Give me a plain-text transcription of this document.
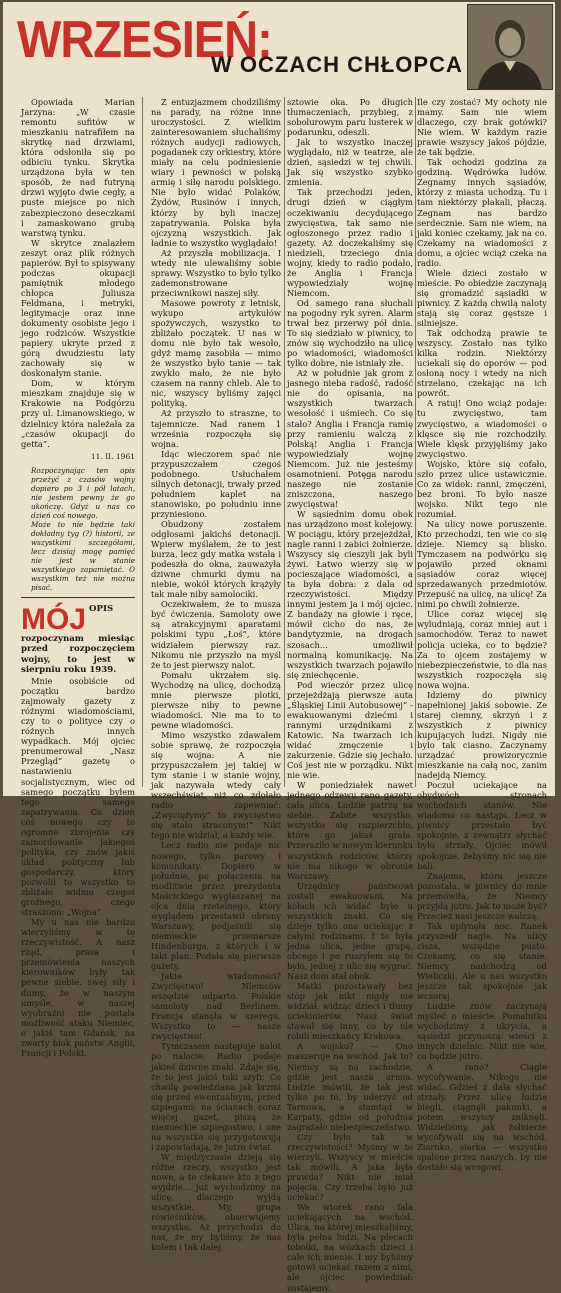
WRZESIEŃ:
W OCZACH CHŁOPCA

Opowiada Marian Jarzyna: „W czasie remontu sufitów w mieszkaniu natrafiłem na skrytkę nad drzwiami, która odsłoniła się po odbiciu tynku. Skrytka urządzona była w ten sposób, że nad futryną drzwi wyjęto dwie cegły, a puste miejsce po nich zabezpieczono deseczkami i zamaskowano grubą warstwą tynku.

W skrytce znalazłem zeszyt oraz plik różnych papierów. Był to spisywany podczas okupacji pamiętnik młodego chłopca Juliusza Feldmana, i metryki, legitymacje oraz inne dokumenty osobiste jego i jego rodziców. Wszystkie papiery ukryte przed z górą dwudziestu laty zachowały się w doskonałym stanie.

Dom, w którym mieszkam znajduje się w Krakowie na Podgórzu przy ul. Limanowskiego, w dzielnicy która należała za „czasów okupacji do getta”.

11. II. 1961
Rozpoczynając ten opis przeżyć z czasów wojny dopiero po 3 i pół latach, nie jestem pewny że go ukończę. Gdyż u nas co dzień coś nowego.
Może to nie będzie taki dokładny tyg (?) historii, ze wszystkimi szczegółami, lecz dzisiaj mogę pamięć nie jest w stanie wszystkiego zapamiętać. O wszystkim też nie można pisać.
MÓJ OPIS rozpoczynam miesiąc przed rozpoczęciem wojny, to jest w sierpniu roku 1939.

Mnie osobiście od początku bardzo zajmowały gazety z różnymi wiadomościami, czy to o polityce czy o różnych innych wypadkach. Mój ojciec prenumerował „Nasz Przegląd” gazetę o nastawieniu socjalistycznym, wiec od samego początku byłem tego samego zapatrywania. Co dzień coś nowego czy to ogromne zbrojenia czy zamordowanie jakiegoś polityka, czy znów jakiś układ polityczny lub gospodarczy, który pozwolił to wszystko to zbliżało widmo czegoś groźnego, czego straszono: „Wojna”.

My u nas nie bardzo wierzyliśmy w tę rzeczywistość. A nasz rząd, prasa i przemówienia naszych kierowników były tak pewne siebie, swej siły i dumy, że w naszym umyśle, w naszej wyobraźni nie postała możliwość ataku Niemiec, o jakiś tam Gdańsk, na zwarty blok państw Anglii, Francji i Polski.

Z entuzjazmem chodziliśmy na parady, na różne inne uroczystości. Z wielkim zainteresowaniem słuchaliśmy różnych audycji radiowych, pogadanek czy orkiestry, które miały na celu podniesienie wiary i pewności w polską armię i siłę narodu polskiego. Nie było widać Polaków, Żydów, Rusinów i innych, którzy by byli inaczej zapatrywania. Polska była ojczyzną wszystkich. Jak ładnie to wszystko wyglądało!

Aż przyszła mobilizacja. I wtedy nie ulewaliśmy sobie sprawy. Wszystko to było tylko zademonstrowane przeciwnikowi naszej siły.

Masowe powroty z letnisk, wykupo artykułów spożywczych, wszystko to zbliżało początek. U nas w domu nie było tak wesoło, gdyż mamę zasobiła — mimo że wszystko było tanie — tak zwykło mało, że nie było czasem na ranny chleb. Ale to nic, wszyscy byliśmy zajęci polityką.

Aż przyszło to straszne, to tajemnicze. Nad ranem 1 września rozpoczęła się wojna.

Idąc wieczorem spać nie przypuszczałem czegoś podobnego. Usłuchałem silnych detonacji, trwały przed południem kaplet na stanowisko, po południu inne przyniesiono.

Obudzony zostałem odgłosami jakichś detonacji. Wpierw myślałem, że to jest burza, lecz gdy matka wstała i podeszła do okna, zauważyła dziwne chmurki dymu na niebie, wokół których krążyły tak małe niby samolociki.

Oczekiwałem, że to musza być ćwiczenia. Samoloty owe są atrakcyjnymi aparatami polskimi typu „Łoś”, które widziałem pierwszy raz. Nikomu nie przyszło na myśl że to jest pierwszy nalot.

Pomału ukrzałem się. Wychodzę na ulicę, dochodzą mnie pierwsze plotki, pierwsze niby to pewne wiadomości. Nie ma to to pewne wiadomości.

Mimo wszystko zdawałem sobie sprawę, że rozpoczęła się wojna: A nie przypuszczałem jej takiej w tym stanie i w stanie wojny, jak nazywała wtedy cały wszechświat, niż co zdołało radio zapewniać: „Zwyciężymy” to zwycięstwo się stało straconym!” Nikt tego nie widział, a każdy wie.

Lecz radio nie podaje nic nowego, tylko parowy i komunikaty. Dopiero w południe, po połączeniu na modlitwie przez prezydenta Mościckiego wygłaszanej na ojca dnia rzetelnego, który wyglądem przestawił obrony Warszawy, podjaśnili się niemieckie przemarsze Hindenburga, z których i w taki plan. Podała się pierwsze gazety.

Jakie wiadomości? Zwycięstwo! Niemców wszędzie odparto. Polskie samoloty nad Berlinem. Francja stanęła w szeregu. Wszystko to — nasze zwycięstwo!

Tymczasem następuje nalot po nalocie. Radio podaje jakieś dziwne znaki. Zdaje się, że to jest jakiś taki szyfr. Co chwilę powiedziana jak brzmi się przed ewentualnym, przed szpiegami: na ścianach coraz więcej gazet, piszą że niemieckie szpiegostwo, i one na wszystko się przygotowują i zapowiadają, że jutro świat.

W międzyczasie dzieją się różne rzeczy, wszystko jest nowe, a te ciekawe kto z tego wyjdzie... już wychodzimy na ulicę, dlaczego wyjdą wszystkie. My, grupa rówieśników, obserwujemy wszystko. Aż przychodzi do nas, że my byliśmy, że nas kołem i tak dalej.

sztowie oka. Po długich tłumaczeniach, przybieg, z sobolurowym paru lusterek w podarunku, odeszli.

Jak to wszystko inaczej wyglądało, niż w teatrze, ale dzień, sąsiedzi w tej chwili. Jak się wszystko szybko zmienia.

Tak przechodzi jeden, drugi dzień w ciągłym oczekiwaniu decydującego zwycięstwa, tak samo nie ogłoszonego przez radio i gazety. Aż doczekaliśmy się niedzieli, trzeciego dnia wojny, kiedy to radio podało, że Anglia i Francja wypowiedziały wojnę Niemcom.

Od samego rana słuchali na pogodny ryk syren. Alarm trwał bez przerwy pół dnia. To się siedziało w piwnicy, to znów się wychodziło na ulicę po wiadomości, wiadomości tylko dobre, nie istniały złe.

Aż w południe jak grom z jasnego nieba radość, radość nie do opisania, na wszystkich twarzach wesołość i uśmiech. Co się stało? Anglia i Francja ramię przy ramieniu walczą z Polską! Anglia i Francja wypowiedziały wojnę Niemcom. Już nie jesteśmy osamotnieni. Potęga narodu naszego nie zostanie zniszczona, naszego zwycięstwa!

W sąsiednim domu obok nas urządzono most kolejowy. W pociągu, który przejeżdżał, nagle ranni i zabici żołnierze. Wszyscy się cieszyli jak byli żywi. Łatwo wierzy się w pocieszające wiadomości, a ta była dobra: z dala od rzeczywistości. Między innymi jestem ja i mój ojciec. Z bandaży na głowie i ręce, mówił cicho do nas, że bandytyzmie, na drogach szosach... umożliwił normalną komunikację. Na wszystkich twarzach pojawiło się zniechęcenie.

Pod wieczór przez ulicę przejeżdżają pierwsze auta „Śląskiej Linii Autobusowej” - ewakuowanymi dziećmi i rannymi urzędnikami z Katowic. Na twarzach ich widać zmęczenie i zakurzenie. Gdzie się jechało. Coś jest nie w porządku. Nikt nie wie.

W poniedziałek nawet jednego odzewu rano gazety, cała ulica. Ludzie patrzą na siebie. Zabite wszystko, wszystko się rozpierzchło, które go jakaś grała. Przeraziło w nowym kierunku wszystkich rodziców, którzy nie ma nikogo w obronie Warszawy.

Urzędnicy państwowi zostali ewakuowani. Na kołach ich widać było u wszystkich znaki. Co się dzieje tylko ona uciekając z całymi rodzinami. I to była jedna ulica, jedne grupę, obcego i po ruszyłem się to było, jednej z ulic się wygrać. Nasz dom stał obok.

Matki pozostawały bez stóp jak nikt nigdy nie widział, widząc dzieci i tłumy uciekinierów. Nasz świat stawał się inny, co by nie robili mieszkańcy Krakowa.

A wojsko? — Ono maszeruje na wschód. Jak to? Niemcy są na zachodzie, gdzie jest nasza armia. Ludzie mówili, że tak jest tylko po to, by uderzyć od Tarnowa, a stamtąd w Karpaty, gdzie od południa zagrażało niebezpieczeństwo.

Czy było tak w rzeczywistości? Myśmy w to wierzyli. Wszyscy w mieście tak mówili. A jaka była prawda? Nikt nie miał pojęcia. Czy trzeba było już uciekać?

We wtorek rano fala uciekających na wschód. Ulica, na której mieszkaliśmy, była pełna ludzi. Na plecach tobołki, na wózkach dzieci i całe ich mienie. I my byliśmy gotowi uciekać razem z nimi, ale ojciec powiedział: zostajemy.

Ile czy zostać? My ochoty nie mamy. Sam nie wiem dlaczego, czy brak gotówki? Nie wiem. W każdym razie prawie wszyscy jakoś pójdzie, że tak będzie.

Tak ochodzi godzina za godziną. Wędrówka ludów. Zegnamy innych sąsiadów, którzy z miasta uchodzą. Tu i tam niektórzy płakali, płaczą. Zegnam nas bardzo serdecznie. Sam nie wiem, na jaki koniec czekamy, jak na co. Czekamy na wiadomości z domu, a ojciec wciąż czeka na radio.

Wiele dzieci zostało w mieście. Po obiedzie zaczynają się gromadzić sąsiadki w piwnicy. Z każdą chwilą naloty stają się coraz gęstsze i silniejsze.

Tak odchodzą prawie te wszyscy. Zostało nas tylko kilka rodzin. Niektórzy uciekali się do oporów — pod osłoną nocy i wtedy na nich strzelano, czekając na ich powrót.

A ratuj! Ono wciąż podaje: tu zwycięstwo, tam zwycięstwo, a wiadomości o klęsce się nie rozchodziły. Wiele klęsk przyjęliśmy jako zwycięstwo.

Wojsko, które się cofało, szło przez ulice ustawicznie. Co za widok: ranni, zmęczeni, bez broni. To było nasze wojsko. Nikt tego nie rozumiał.

Na ulicy nowe poruszenie. Kto przechodzi, ten wie co się dzieje. Niemcy są blisko. Tymczasem na podwórku się pojawiło przed oknami sąsiadów coraz więcej sprzedawanych przedmiotów. Przepuść na ulicę, na ulicę! Za nimi po chwili żołnierze.

Ulice coraz więcej się wyludniają, coraz mniej aut i samochodów. Teraz to nawet policja ucieka, co to będzie? Za to ojcem zostajemy w niebezpieczeństwie, to dla nas wszystkich rozpoczęła się nowa wojna.

Idziemy do piwnicy napełnionej jakiś sobowie. Ze starej ciemny, skrzyń i z wszystkich z piwnicy kupujących ludzi. Nigdy nie było tak ciasno. Zaczynamy urządzać prowizorycznie mieszkanie na całą noc, zanim nadejdą Niemcy.

Poczuł uciekające na obydwóch stronach wschodnich stanów. Nie wiadomo co nastąpi. Lecz w piwnicy przestało być spokojnie, z zewnątrz słychać było strzały. Ojciec mówił spokojnie, żebyśmy nic się nie bali.

Znajoma, która jeszcze pozostała, w piwnicy do mnie przemówiła, że Niemcy przyjdą jutro. Jak to może być? Przecież nasi jeszcze walczą.

Tak upłynęła noc. Ranek przyszedł nagle. Na ulicy cisza, wszędzie pusto. Czekamy, co się stanie. Niemcy nadchodzą od Wieliczki. Ale u nas wszystko jeszcze tak spokojnie jak wczoraj.

Ludzie znów zaczynają myśleć o mieście. Pomalutku wychodzimy z ukrycia, a sąsiedzi przynoszą wieści z innych dzielnic. Nikt nie wie, co będzie jutro.

A rano? Ciągle wycofywanie. Nikogo nie widać. Gdzieś z dala słychać strzały. Przez ulicę ludzie biegli, ciągnęli pakunki, a potem wszyscy zniknęli. Widzieliśmy, jak żołnierze wycofywali się na wschód. Ziarnko, siarka — wszystko spalone przez naszych, by nie dostało się wrogowi.
